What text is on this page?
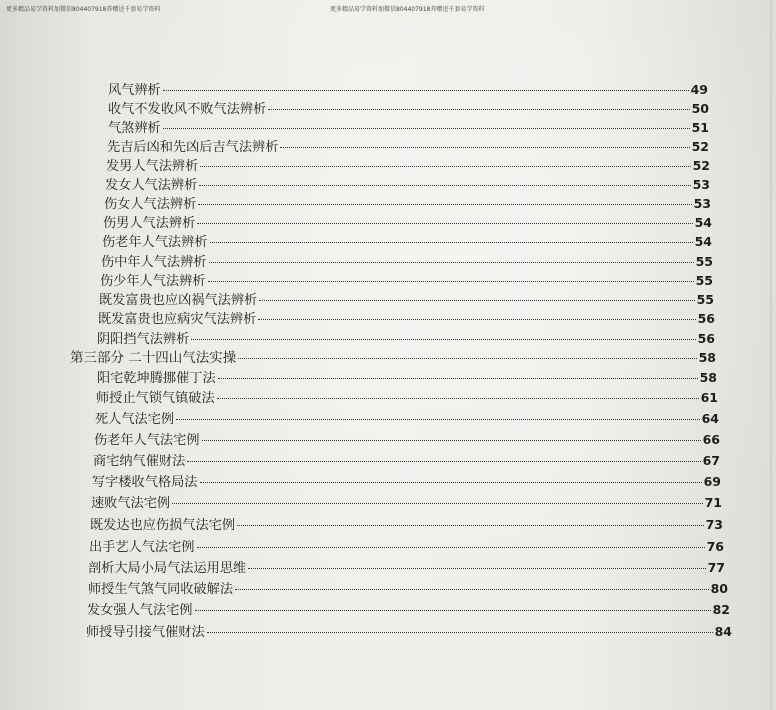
更多精品易学资料加微信804407918养赠送千套易学资料	更多精品易学资料加微信804407918养赠送千套易学资料
风气辨析	49
收气不发收风不败气法辨析	50
气煞辨析	51
先吉后凶和先凶后吉气法辨析	52
发男人气法辨析	52
发女人气法辨析	53
伤女人气法辨析	53
伤男人气法辨析	54
伤老年人气法辨析	54
伤中年人气法辨析	55
伤少年人气法辨析	55
既发富贵也应凶祸气法辨析	55
既发富贵也应病灾气法辨析	56
阴阳挡气法辨析	56
第三部分 二十四山气法实操	58
阳宅乾坤腾挪催丁法	58
师授止气锁气镇破法	61
死人气法宅例	64
伤老年人气法宅例	66
商宅纳气催财法	67
写字楼收气格局法	69
速败气法宅例	71
既发达也应伤损气法宅例	73
出手艺人气法宅例	76
剖析大局小局气法运用思维	77
师授生气煞气同收破解法	80
发女强人气法宅例	82
师授导引接气催财法	84
